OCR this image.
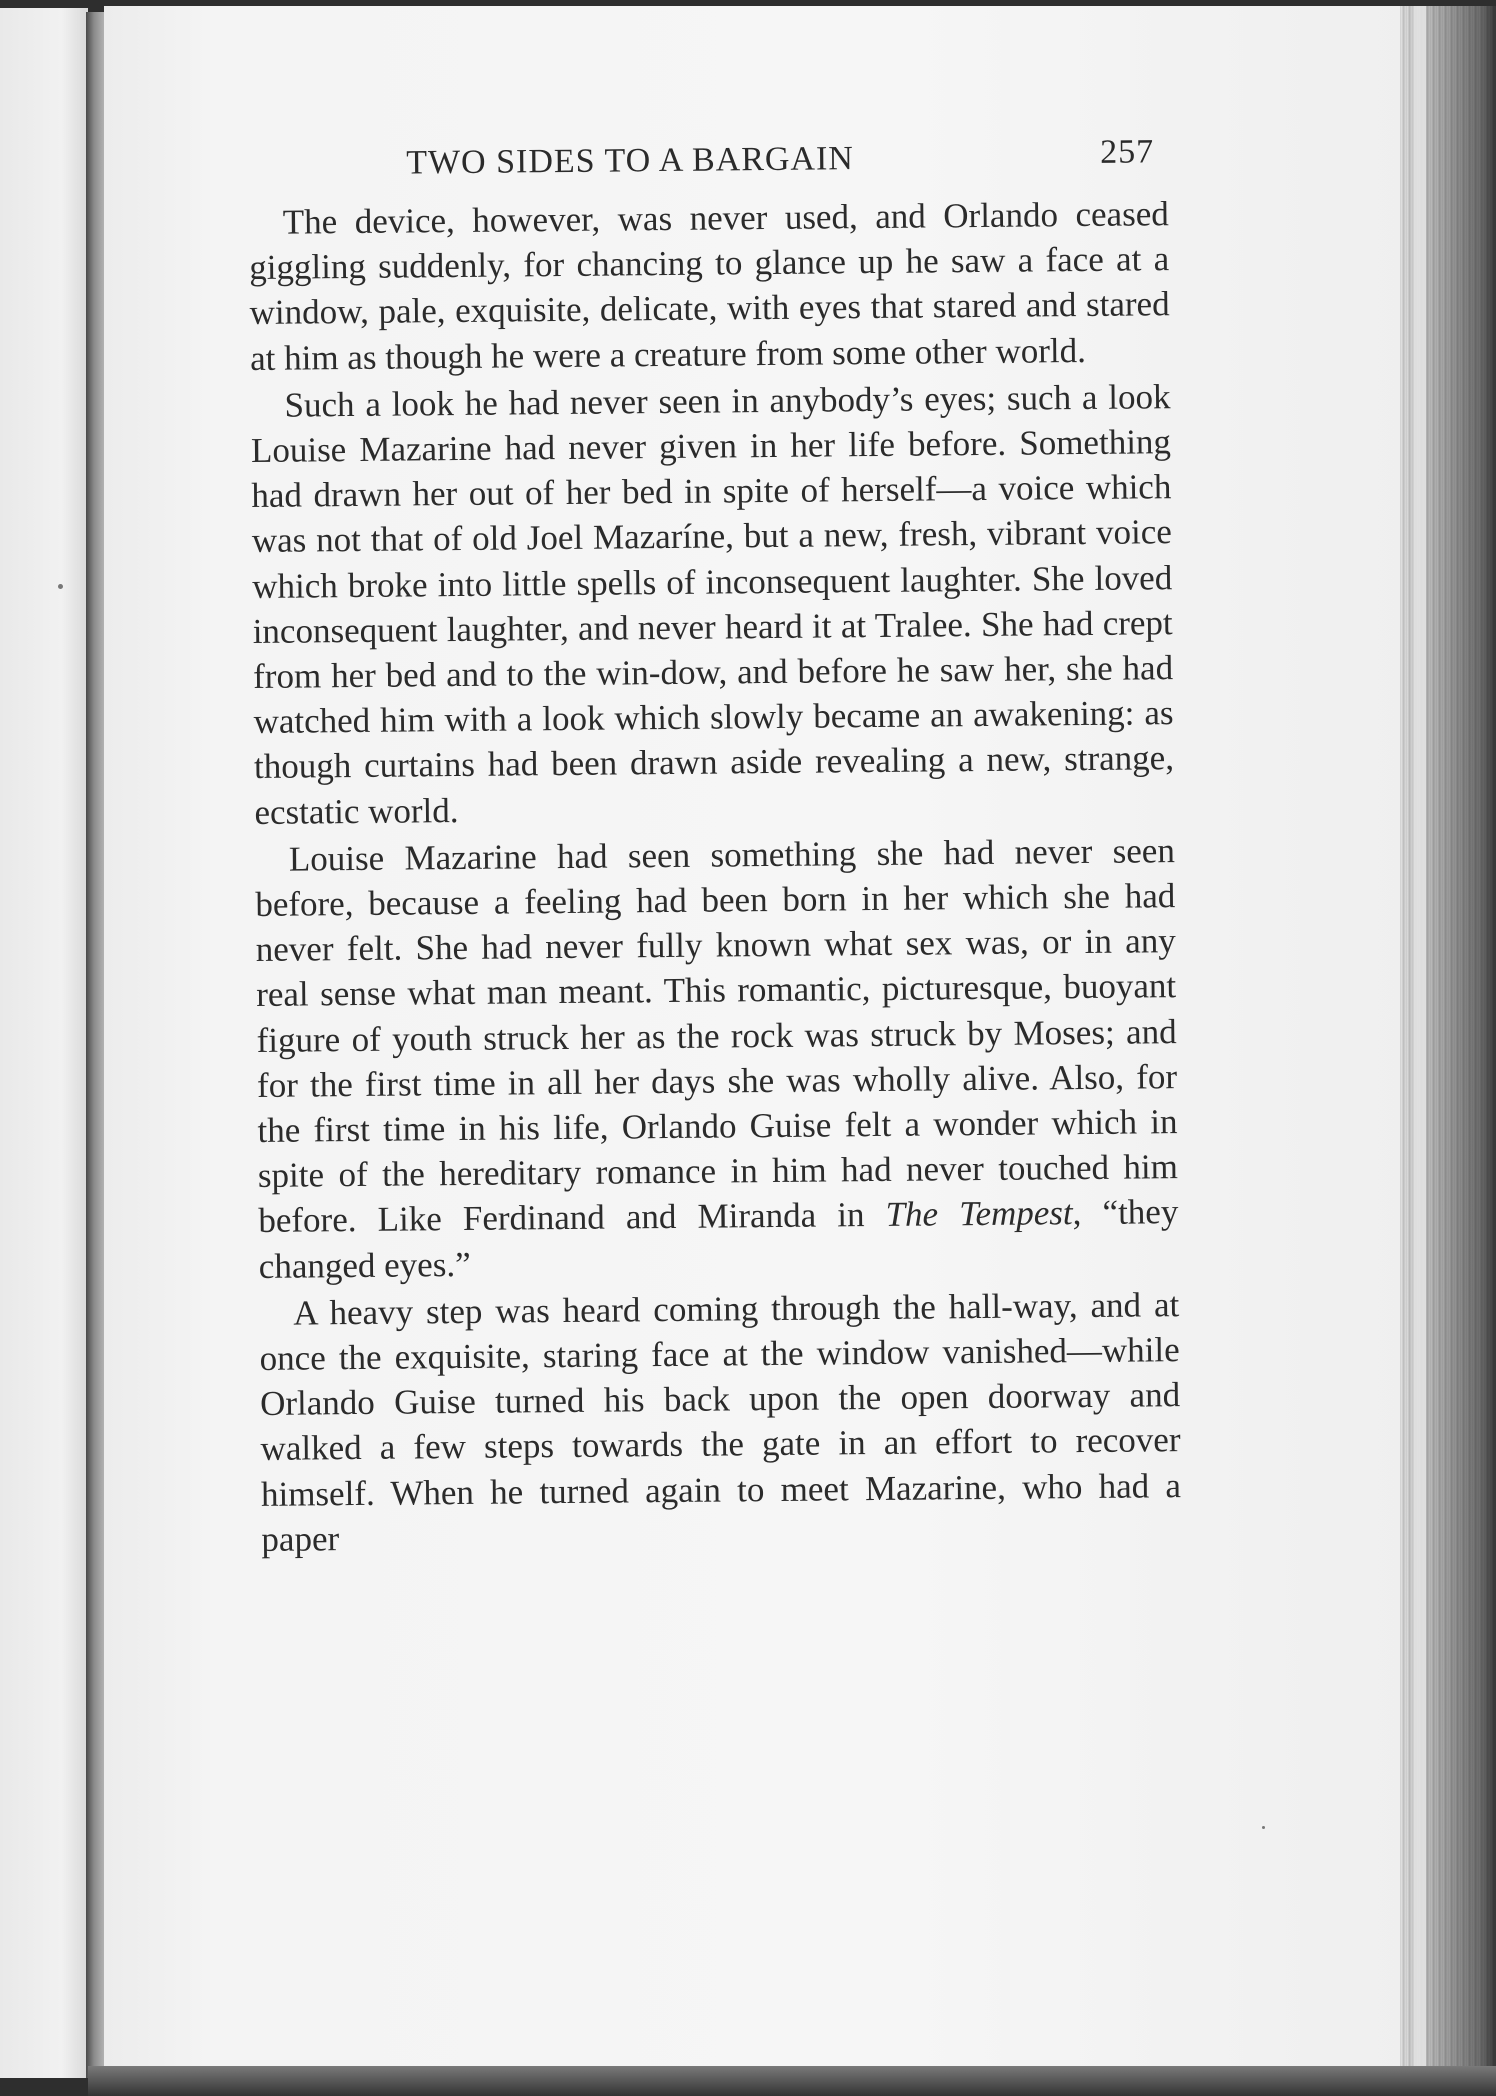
TWO SIDES TO A BARGAIN	257

The device, however, was never used, and Orlando ceased giggling suddenly, for chancing to glance up he saw a face at a window, pale, exquisite, delicate, with eyes that stared and stared at him as though he were a creature from some other world.

Such a look he had never seen in anybody’s eyes; such a look Louise Mazarine had never given in her life before. Something had drawn her out of her bed in spite of herself—a voice which was not that of old Joel Mazaríne, but a new, fresh, vibrant voice which broke into little spells of inconsequent laughter. She loved inconsequent laughter, and never heard it at Tralee. She had crept from her bed and to the win-dow, and before he saw her, she had watched him with a look which slowly became an awakening: as though curtains had been drawn aside revealing a new, strange, ecstatic world.

Louise Mazarine had seen something she had never seen before, because a feeling had been born in her which she had never felt. She had never fully known what sex was, or in any real sense what man meant. This romantic, picturesque, buoyant figure of youth struck her as the rock was struck by Moses; and for the first time in all her days she was wholly alive. Also, for the first time in his life, Orlando Guise felt a wonder which in spite of the hereditary romance in him had never touched him before. Like Ferdinand and Miranda in The Tempest, “they changed eyes.”

A heavy step was heard coming through the hall-way, and at once the exquisite, staring face at the window vanished—while Orlando Guise turned his back upon the open doorway and walked a few steps towards the gate in an effort to recover himself. When he turned again to meet Mazarine, who had a paper
